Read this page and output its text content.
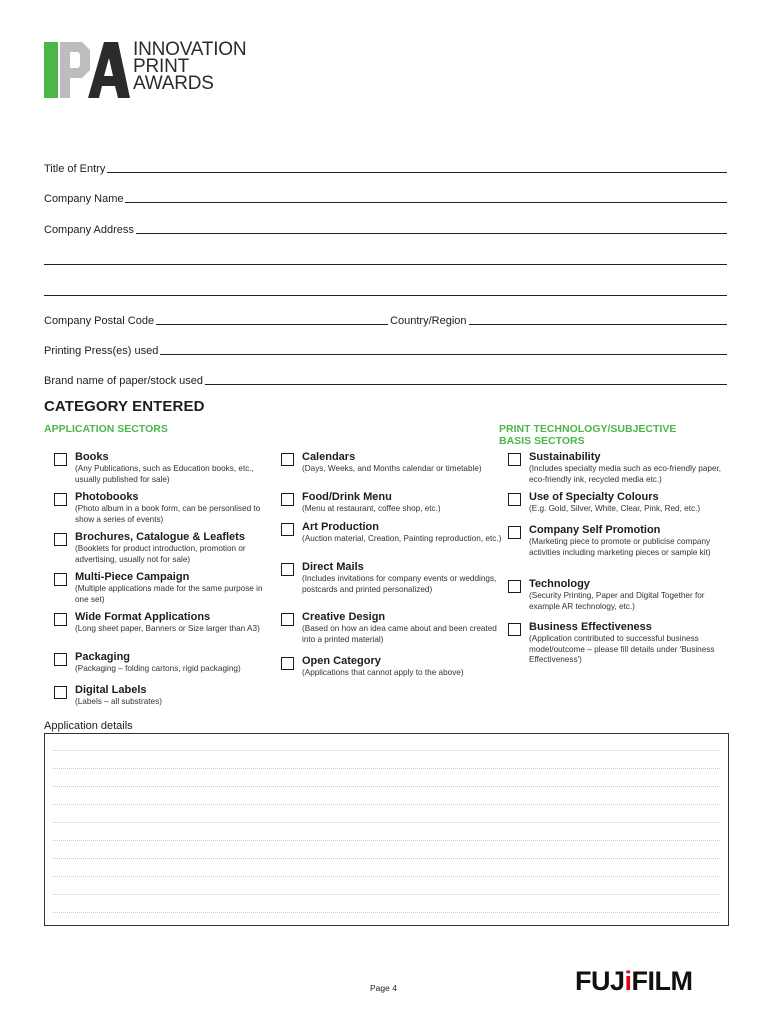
INNOVATION
PRINT
AWARDS
Title of Entry
Company Name
Company Address
Company Postal Code	Country/Region
Printing Press(es) used
Brand name of paper/stock used
CATEGORY ENTERED
APPLICATION SECTORS	PRINT TECHNOLOGY/SUBJECTIVE
BASIS SECTORS
Books
(Any Publications, such as Education books, etc., usually published for sale)
Photobooks
(Photo album in a book form, can be personlised to show a series of events)
Brochures, Catalogue & Leaflets
(Booklets for product introduction, promotion or advertising, usually not for sale)
Multi-Piece Campaign
(Multiple applications made for the same purpose in one set)
Wide Format Applications
(Long sheet paper, Banners or Size larger than A3)
Packaging
(Packaging – folding cartons, rigid packaging)
Digital Labels
(Labels – all substrates)
Calendars
(Days, Weeks, and Months calendar or timetable)
Food/Drink Menu
(Menu at restaurant, coffee shop, etc.)
Art Production
(Auction material, Creation, Painting reproduction, etc.)
Direct Mails
(Includes invitations for company events or weddings, postcards and printed personalized)
Creative Design
(Based on how an idea came about and been created into a printed material)
Open Category
(Applications that cannot apply to the above)
Sustainability
(Includes specialty media such as eco-friendly paper, eco-friendly ink, recycled media etc.)
Use of Specialty Colours
(E.g. Gold, Silver, White, Clear, Pink, Red, etc.)
Company Self Promotion
(Marketing piece to promote or publicise company activities including marketing pieces or sample kit)
Technology
(Security Printing, Paper and Digital Together for example AR technology, etc.)
Business Effectiveness
(Application contributed to successful business model/outcome – please fill details under 'Business Effectiveness')
Application details
Page 4	FUJiFILM
